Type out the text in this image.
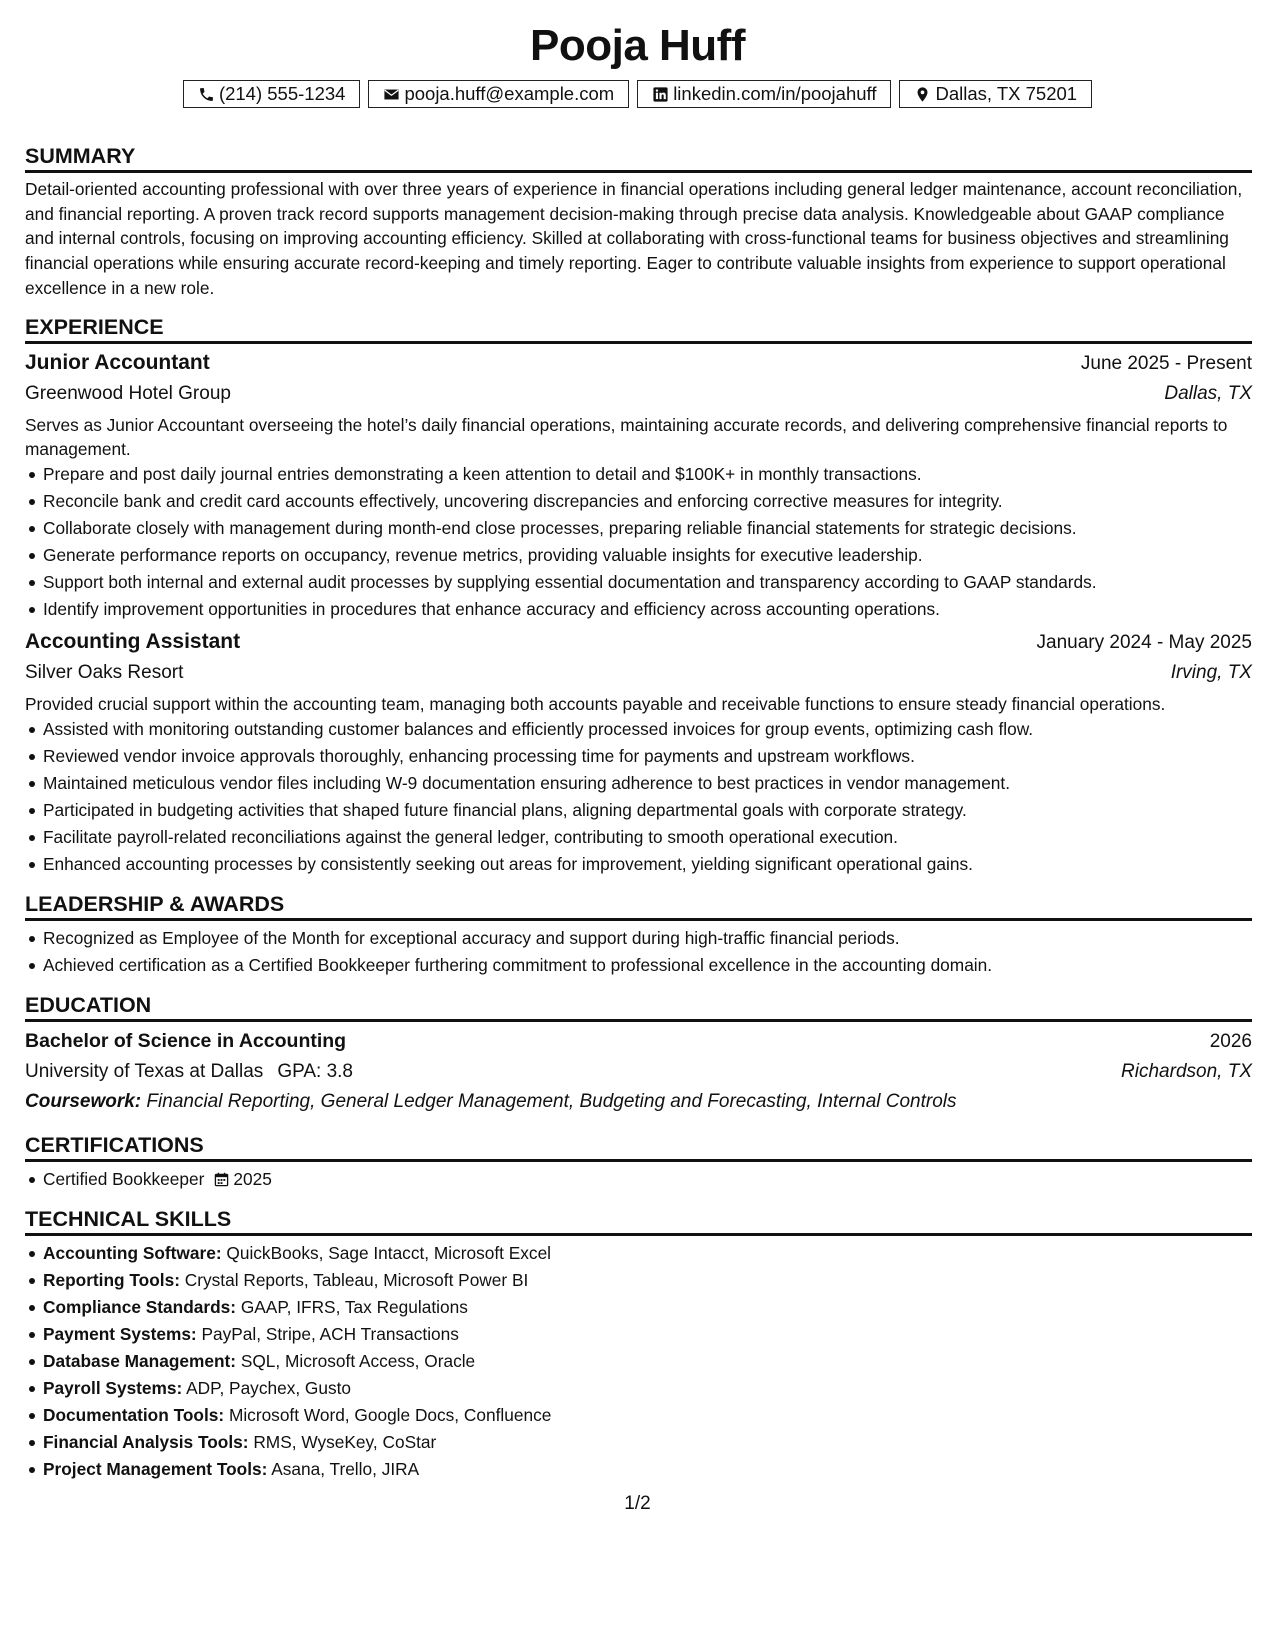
Pooja Huff
(214) 555-1234	pooja.huff@example.com	linkedin.com/in/poojahuff	Dallas, TX 75201
SUMMARY

Detail-oriented accounting professional with over three years of experience in financial operations including general ledger maintenance, account reconciliation, and financial reporting. A proven track record supports management decision-making through precise data analysis. Knowledgeable about GAAP compliance and internal controls, focusing on improving accounting efficiency. Skilled at collaborating with cross-functional teams for business objectives and streamlining financial operations while ensuring accurate record-keeping and timely reporting. Eager to contribute valuable insights from experience to support operational excellence in a new role.

EXPERIENCE
Junior Accountant	June 2025 - Present
Greenwood Hotel Group	Dallas, TX
Serves as Junior Accountant overseeing the hotel’s daily financial operations, maintaining accurate records, and delivering comprehensive financial reports to management.
Prepare and post daily journal entries demonstrating a keen attention to detail and $100K+ in monthly transactions.
Reconcile bank and credit card accounts effectively, uncovering discrepancies and enforcing corrective measures for integrity.
Collaborate closely with management during month-end close processes, preparing reliable financial statements for strategic decisions.
Generate performance reports on occupancy, revenue metrics, providing valuable insights for executive leadership.
Support both internal and external audit processes by supplying essential documentation and transparency according to GAAP standards.
Identify improvement opportunities in procedures that enhance accuracy and efficiency across accounting operations.
Accounting Assistant	January 2024 - May 2025
Silver Oaks Resort	Irving, TX
Provided crucial support within the accounting team, managing both accounts payable and receivable functions to ensure steady financial operations.
Assisted with monitoring outstanding customer balances and efficiently processed invoices for group events, optimizing cash flow.
Reviewed vendor invoice approvals thoroughly, enhancing processing time for payments and upstream workflows.
Maintained meticulous vendor files including W-9 documentation ensuring adherence to best practices in vendor management.
Participated in budgeting activities that shaped future financial plans, aligning departmental goals with corporate strategy.
Facilitate payroll-related reconciliations against the general ledger, contributing to smooth operational execution.
Enhanced accounting processes by consistently seeking out areas for improvement, yielding significant operational gains.
LEADERSHIP & AWARDS
Recognized as Employee of the Month for exceptional accuracy and support during high-traffic financial periods.
Achieved certification as a Certified Bookkeeper furthering commitment to professional excellence in the accounting domain.
EDUCATION
Bachelor of Science in Accounting	2026
University of Texas at Dallas GPA: 3.8	Richardson, TX
Coursework: Financial Reporting, General Ledger Management, Budgeting and Forecasting, Internal Controls
CERTIFICATIONS
Certified Bookkeeper 2025
TECHNICAL SKILLS
Accounting Software: QuickBooks, Sage Intacct, Microsoft Excel
Reporting Tools: Crystal Reports, Tableau, Microsoft Power BI
Compliance Standards: GAAP, IFRS, Tax Regulations
Payment Systems: PayPal, Stripe, ACH Transactions
Database Management: SQL, Microsoft Access, Oracle
Payroll Systems: ADP, Paychex, Gusto
Documentation Tools: Microsoft Word, Google Docs, Confluence
Financial Analysis Tools: RMS, WyseKey, CoStar
Project Management Tools: Asana, Trello, JIRA
1/2
